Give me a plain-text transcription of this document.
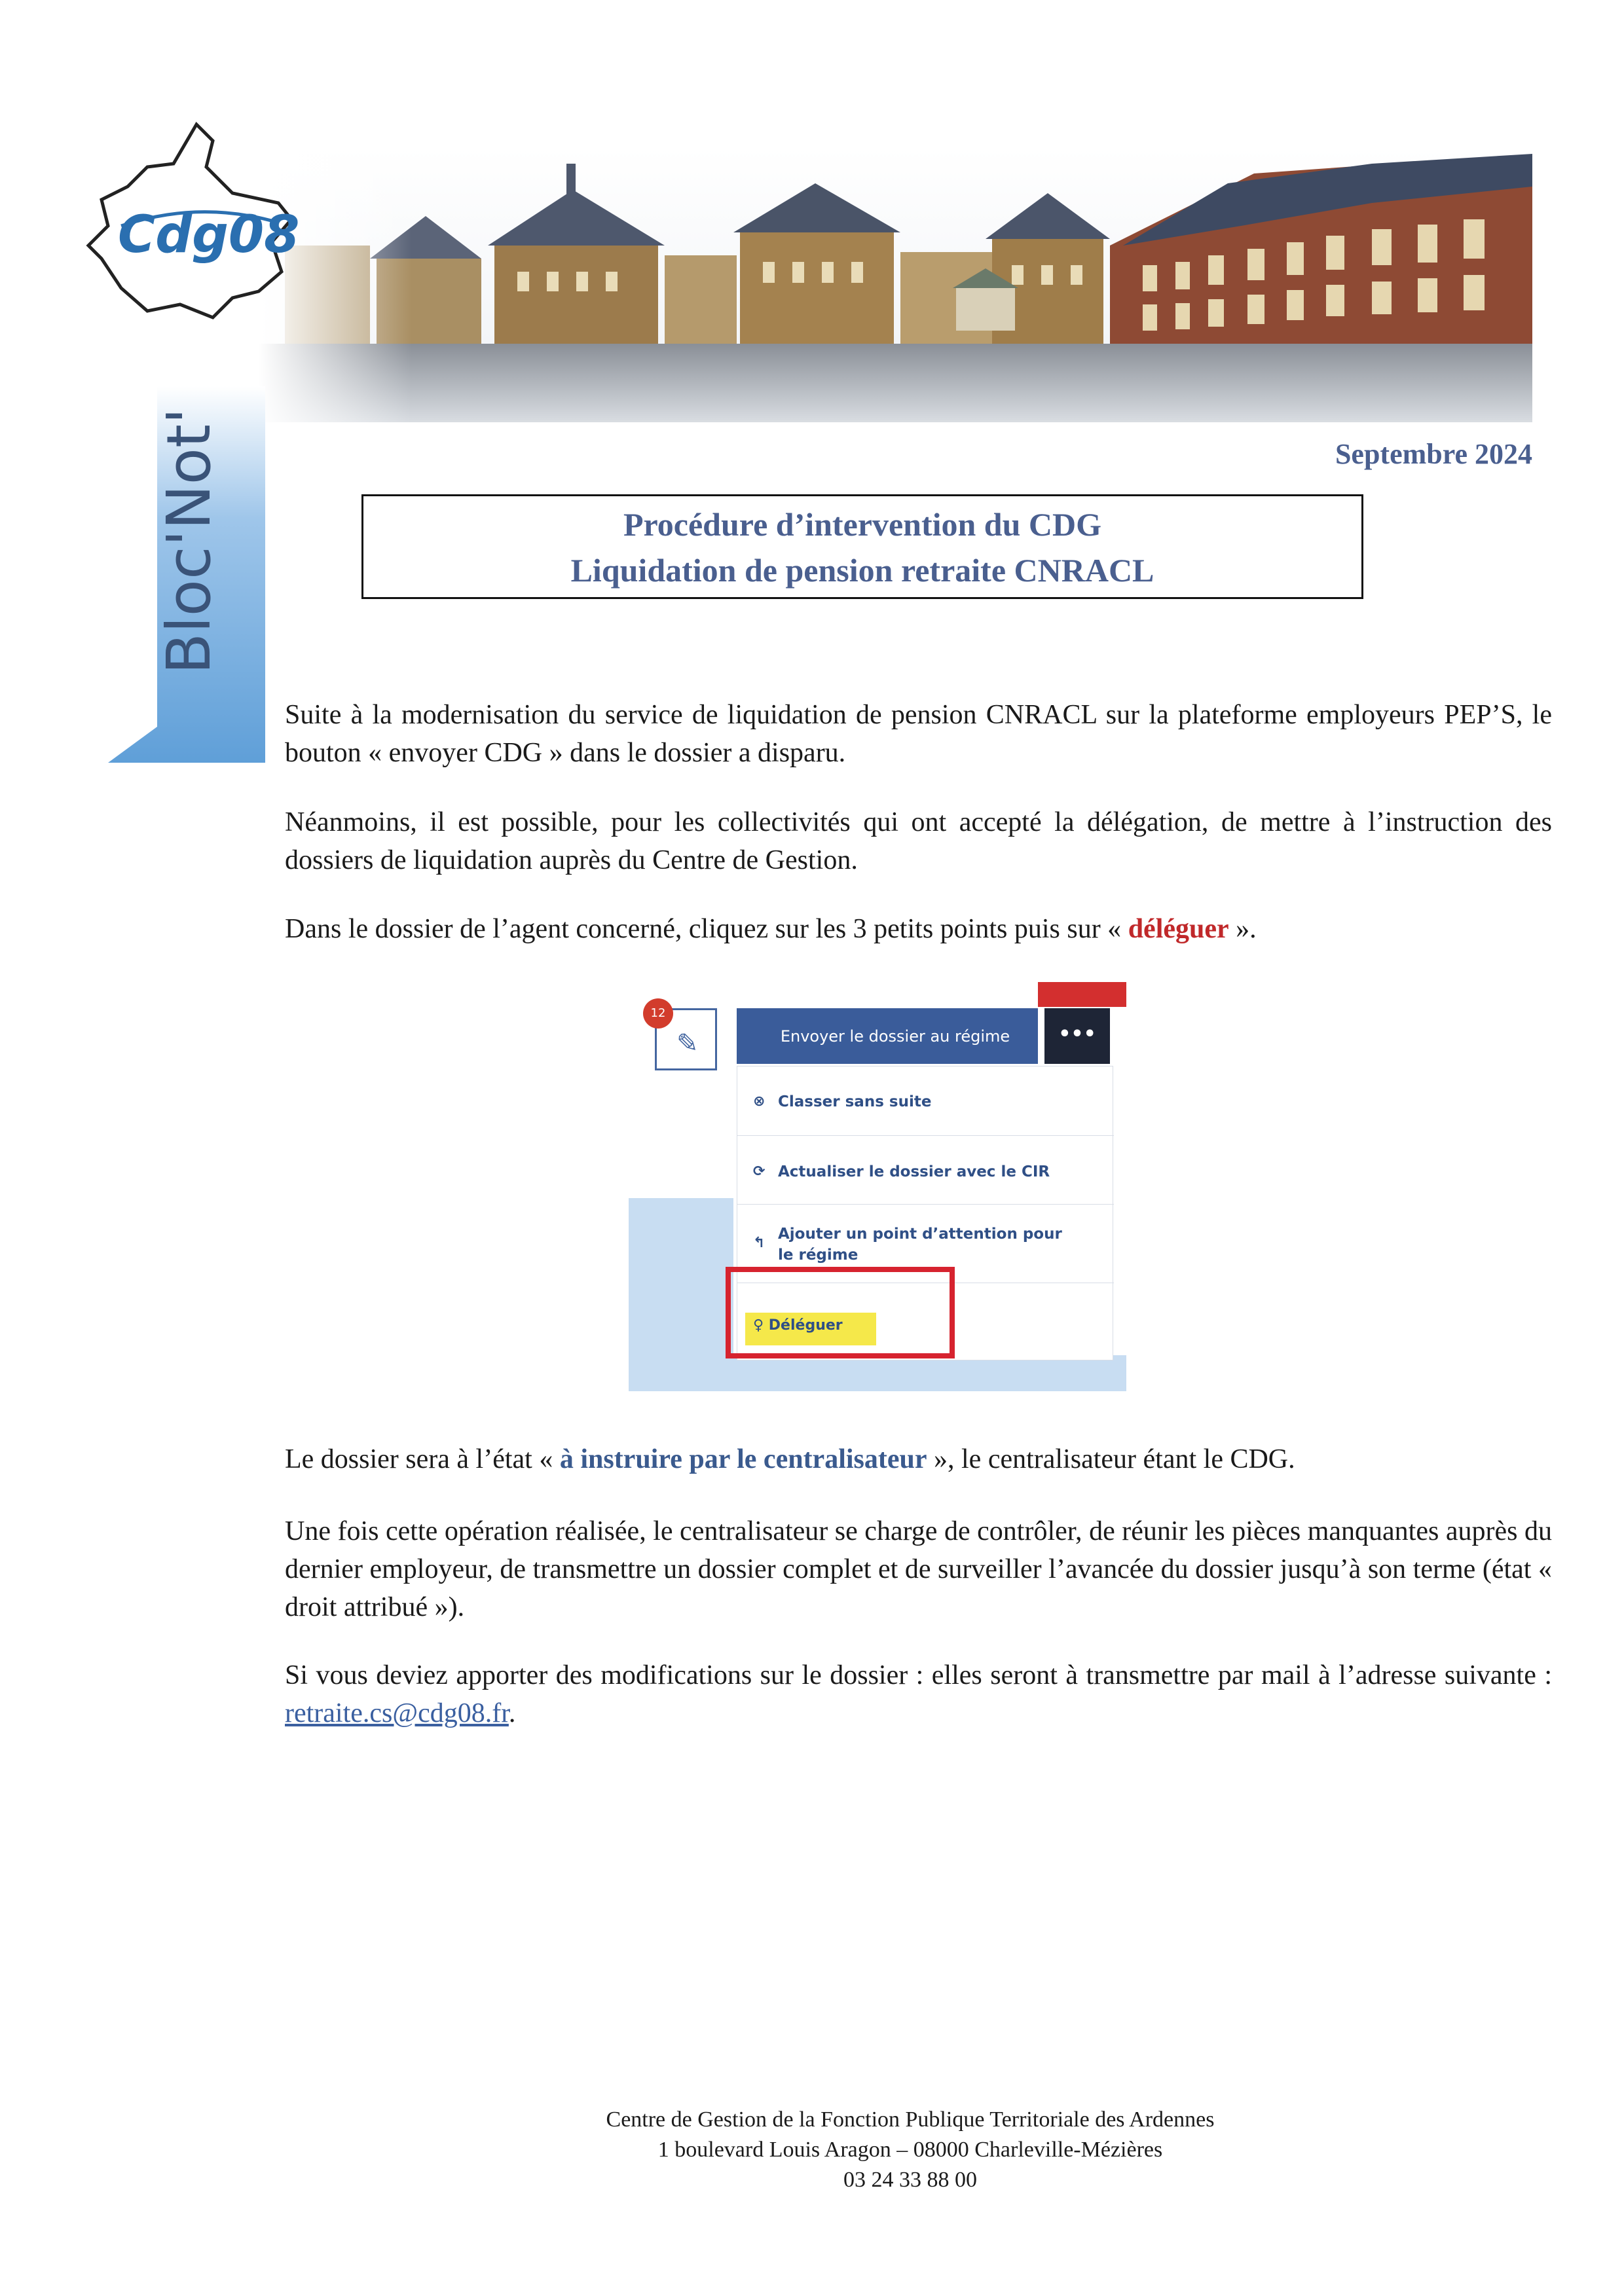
Bloc'Not'
Cdg08
Septembre 2024
Procédure d’intervention du CDG
Liquidation de pension retraite CNRACL

Suite à la modernisation du service de liquidation de pension CNRACL sur la plateforme employeurs PEP’S, le bouton « envoyer CDG » dans le dossier a disparu.

Néanmoins, il est possible, pour les collectivités qui ont accepté la délégation, de mettre à l’instruction des dossiers de liquidation auprès du Centre de Gestion.

Dans le dossier de l’agent concerné, cliquez sur les 3 petits points puis sur « déléguer ».

✎
12
Envoyer le dossier au régime	•••
⊗ Classer sans suite
⟳ Actualiser le dossier avec le CIR
↰
Ajouter un point d’attention pour
le régime
♀ Déléguer

Le dossier sera à l’état « à instruire par le centralisateur », le centralisateur étant le CDG.

Une fois cette opération réalisée, le centralisateur se charge de contrôler, de réunir les pièces manquantes auprès du dernier employeur, de transmettre un dossier complet et de surveiller l’avancée du dossier jusqu’à son terme (état « droit attribué »).

Si vous deviez apporter des modifications sur le dossier : elles seront à transmettre par mail à l’adresse suivante : retraite.cs@cdg08.fr.

Centre de Gestion de la Fonction Publique Territoriale des Ardennes
1 boulevard Louis Aragon – 08000 Charleville-Mézières
03 24 33 88 00
